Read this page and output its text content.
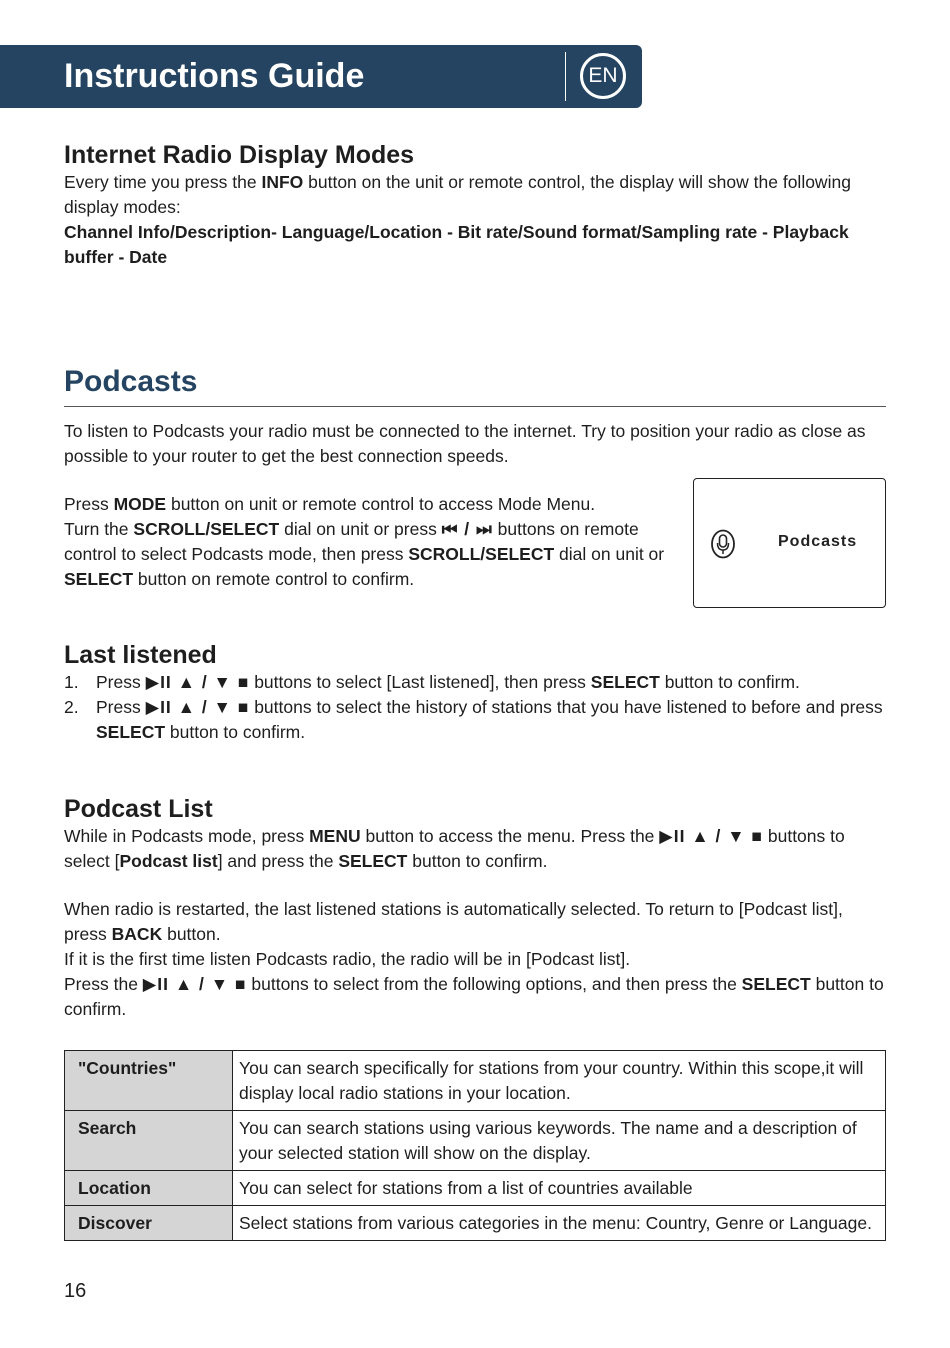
Instructions Guide	EN
Internet Radio Display Modes

Every time you press the INFO button on the unit or remote control, the display will show the following display modes:

Channel Info/Description- Language/Location - Bit rate/Sound format/Sampling rate - Playback buffer - Date

Podcasts

To listen to Podcasts your radio must be connected to the internet. Try to position your radio as close as possible to your router to get the best connection speeds.

Press MODE button on unit or remote control to access Mode Menu.

Turn the SCROLL/SELECT dial on unit or press ⏮ / ⏭ buttons on remote control to select Podcasts mode, then press SCROLL/SELECT dial on unit or SELECT button on remote control to confirm.

Podcasts
Last listened
1. Press ▶II ▲ / ▼ ■ buttons to select [Last listened], then press SELECT button to confirm.
2. Press ▶II ▲ / ▼ ■ buttons to select the history of stations that you have listened to before and press SELECT button to confirm.
Podcast List

While in Podcasts mode, press MENU button to access the menu. Press the ▶II ▲ / ▼ ■ buttons to select [Podcast list] and press the SELECT button to confirm.

When radio is restarted, the last listened stations is automatically selected. To return to [Podcast list], press BACK button.

If it is the first time listen Podcasts radio, the radio will be in [Podcast list].

Press the ▶II ▲ / ▼ ■ buttons to select from the following options, and then press the SELECT button to confirm.

"Countries"	You can search specifically for stations from your country. Within this scope,it will display local radio stations in your location.
Search	You can search stations using various keywords. The name and a description of your selected station will show on the display.
Location	You can select for stations from a list of countries available
Discover	Select stations from various categories in the menu: Country, Genre or Language.
16
